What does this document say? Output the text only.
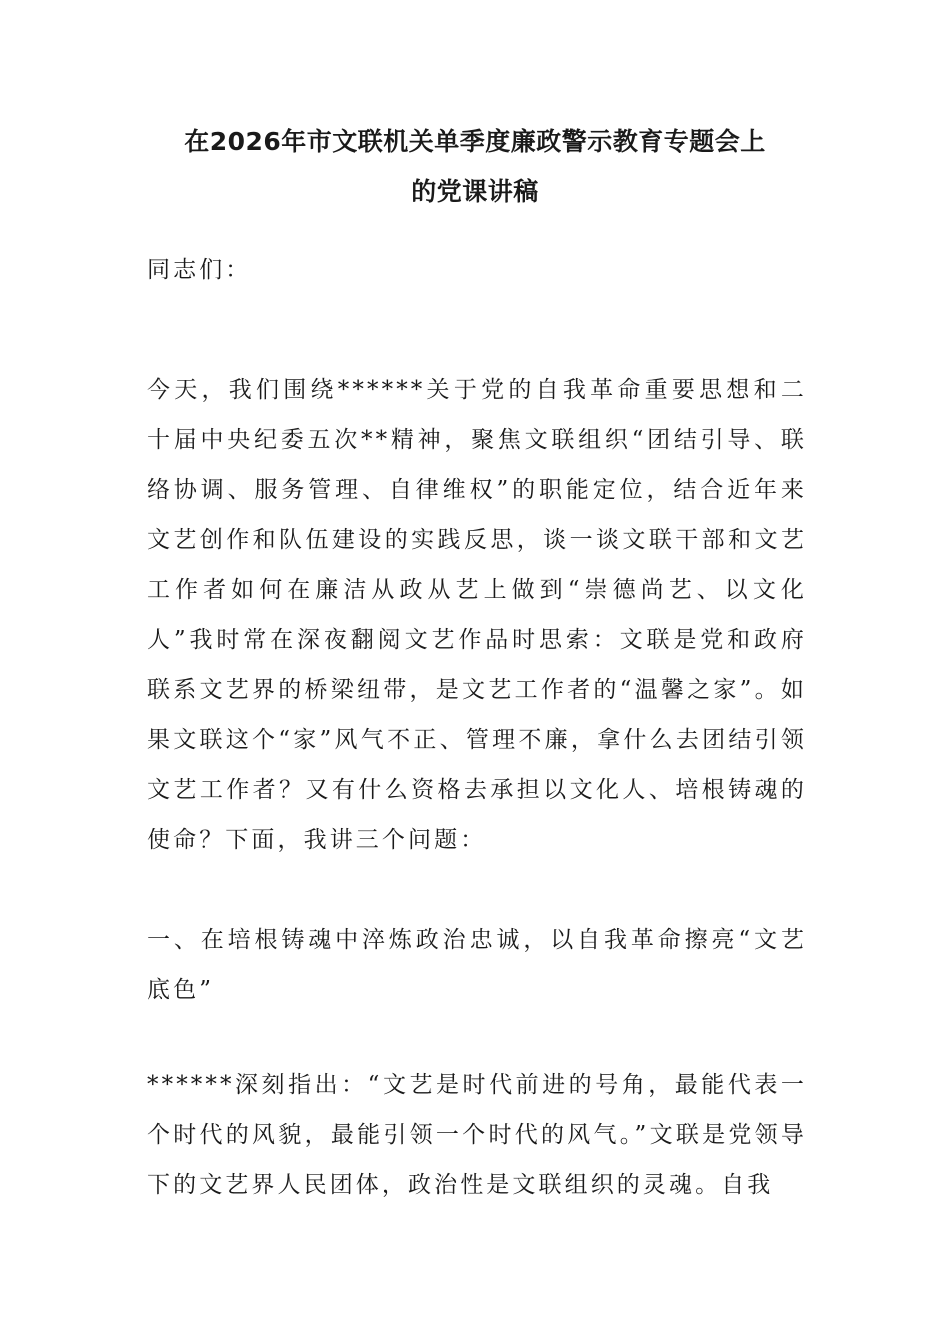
在2026年市文联机关单季度廉政警示教育专题会上
的党课讲稿

同志们：

今天，我们围绕******关于党的自我革命重要思想和二十届中央纪委五次**精神，聚焦文联组织“团结引导、联络协调、服务管理、自律维权”的职能定位，结合近年来文艺创作和队伍建设的实践反思，谈一谈文联干部和文艺工作者如何在廉洁从政从艺上做到“崇德尚艺、以文化人”我时常在深夜翻阅文艺作品时思索：文联是党和政府联系文艺界的桥梁纽带，是文艺工作者的“温馨之家”。如果文联这个“家”风气不正、管理不廉，拿什么去团结引领文艺工作者？又有什么资格去承担以文化人、培根铸魂的使命？下面，我讲三个问题：

一、在培根铸魂中淬炼政治忠诚，以自我革命擦亮“文艺底色”

******深刻指出：“文艺是时代前进的号角，最能代表一个时代的风貌，最能引领一个时代的风气。”文联是党领导下的文艺界人民团体，政治性是文联组织的灵魂。自我
